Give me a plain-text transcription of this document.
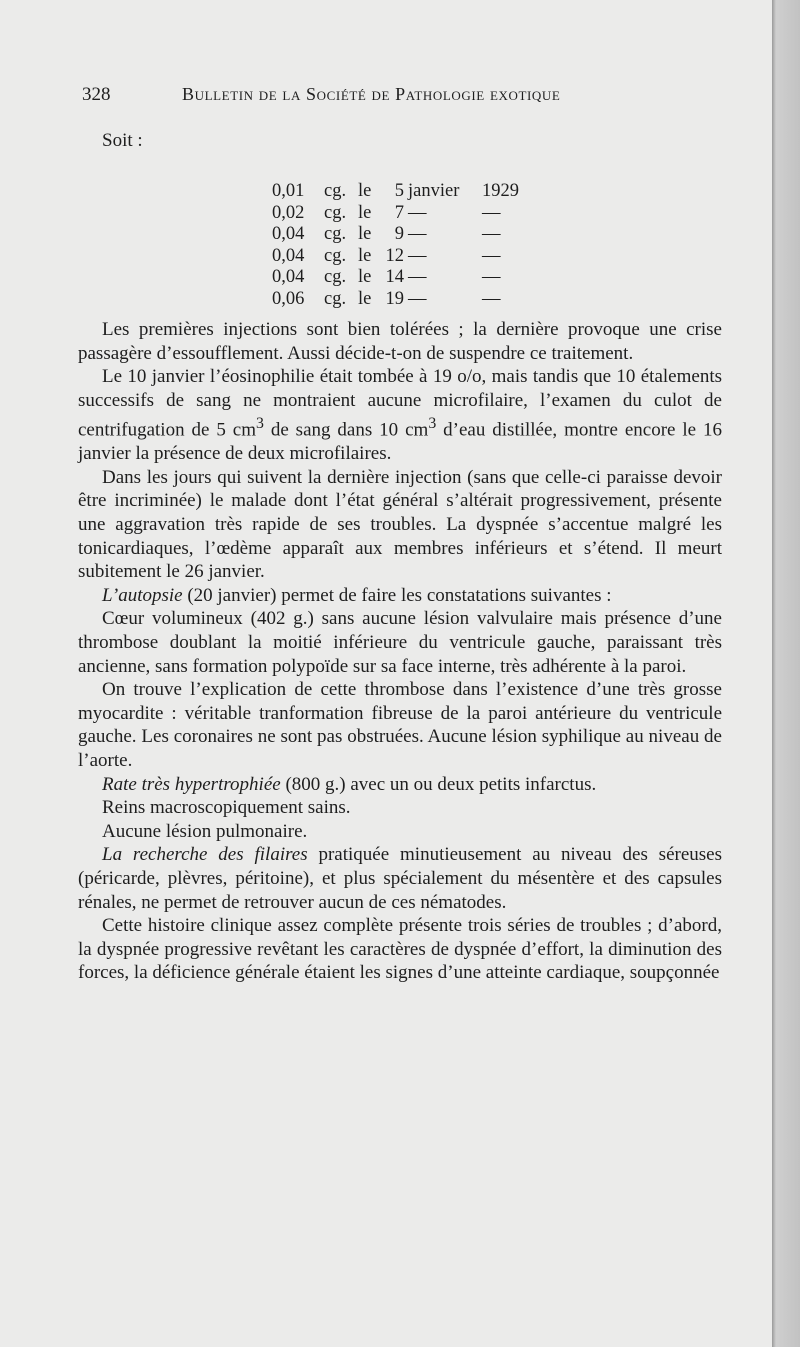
328	Bulletin de la Société de Pathologie exotique
Soit :
0,01 cg. le	5 janvier 1929
0,02 cg. le	7 —	—
0,04 cg. le	9 —	—
0,04 cg. le 12 —	—
0,04 cg. le 14 —	—
0,06 cg. le 19 —	—

Les premières injections sont bien tolérées ; la dernière provoque une crise passagère d’essoufflement. Aussi décide-t-on de suspendre ce traitement.

Le 10 janvier l’éosinophilie était tombée à 19 o/o, mais tandis que 10 étalements successifs de sang ne montraient aucune microfilaire, l’examen du culot de centrifugation de 5 $cm^3$ de sang dans 10 $cm^3$ d’eau distillée, montre encore le 16 janvier la présence de deux microfilaires.

Dans les jours qui suivent la dernière injection (sans que celle-ci paraisse devoir être incriminée) le malade dont l’état général s’altérait progressivement, présente une aggravation très rapide de ses troubles. La dyspnée s’accentue malgré les tonicardiaques, l’œdème apparaît aux membres inférieurs et s’étend. Il meurt subitement le 26 janvier.

L’autopsie (20 janvier) permet de faire les constatations suivantes :

Cœur volumineux (402 g.) sans aucune lésion valvulaire mais présence d’une thrombose doublant la moitié inférieure du ventricule gauche, paraissant très ancienne, sans formation polypoïde sur sa face interne, très adhérente à la paroi.

On trouve l’explication de cette thrombose dans l’existence d’une très grosse myocardite : véritable tranformation fibreuse de la paroi antérieure du ventricule gauche. Les coronaires ne sont pas obstruées. Aucune lésion syphilique au niveau de l’aorte.

Rate très hypertrophiée (800 g.) avec un ou deux petits infarctus.

Reins macroscopiquement sains.

Aucune lésion pulmonaire.

La recherche des filaires pratiquée minutieusement au niveau des séreuses (péricarde, plèvres, péritoine), et plus spécialement du mésentère et des capsules rénales, ne permet de retrouver aucun de ces nématodes.

Cette histoire clinique assez complète présente trois séries de troubles ; d’abord, la dyspnée progressive revêtant les caractères de dyspnée d’effort, la diminution des forces, la déficience générale étaient les signes d’une atteinte cardiaque, soupçonnée
